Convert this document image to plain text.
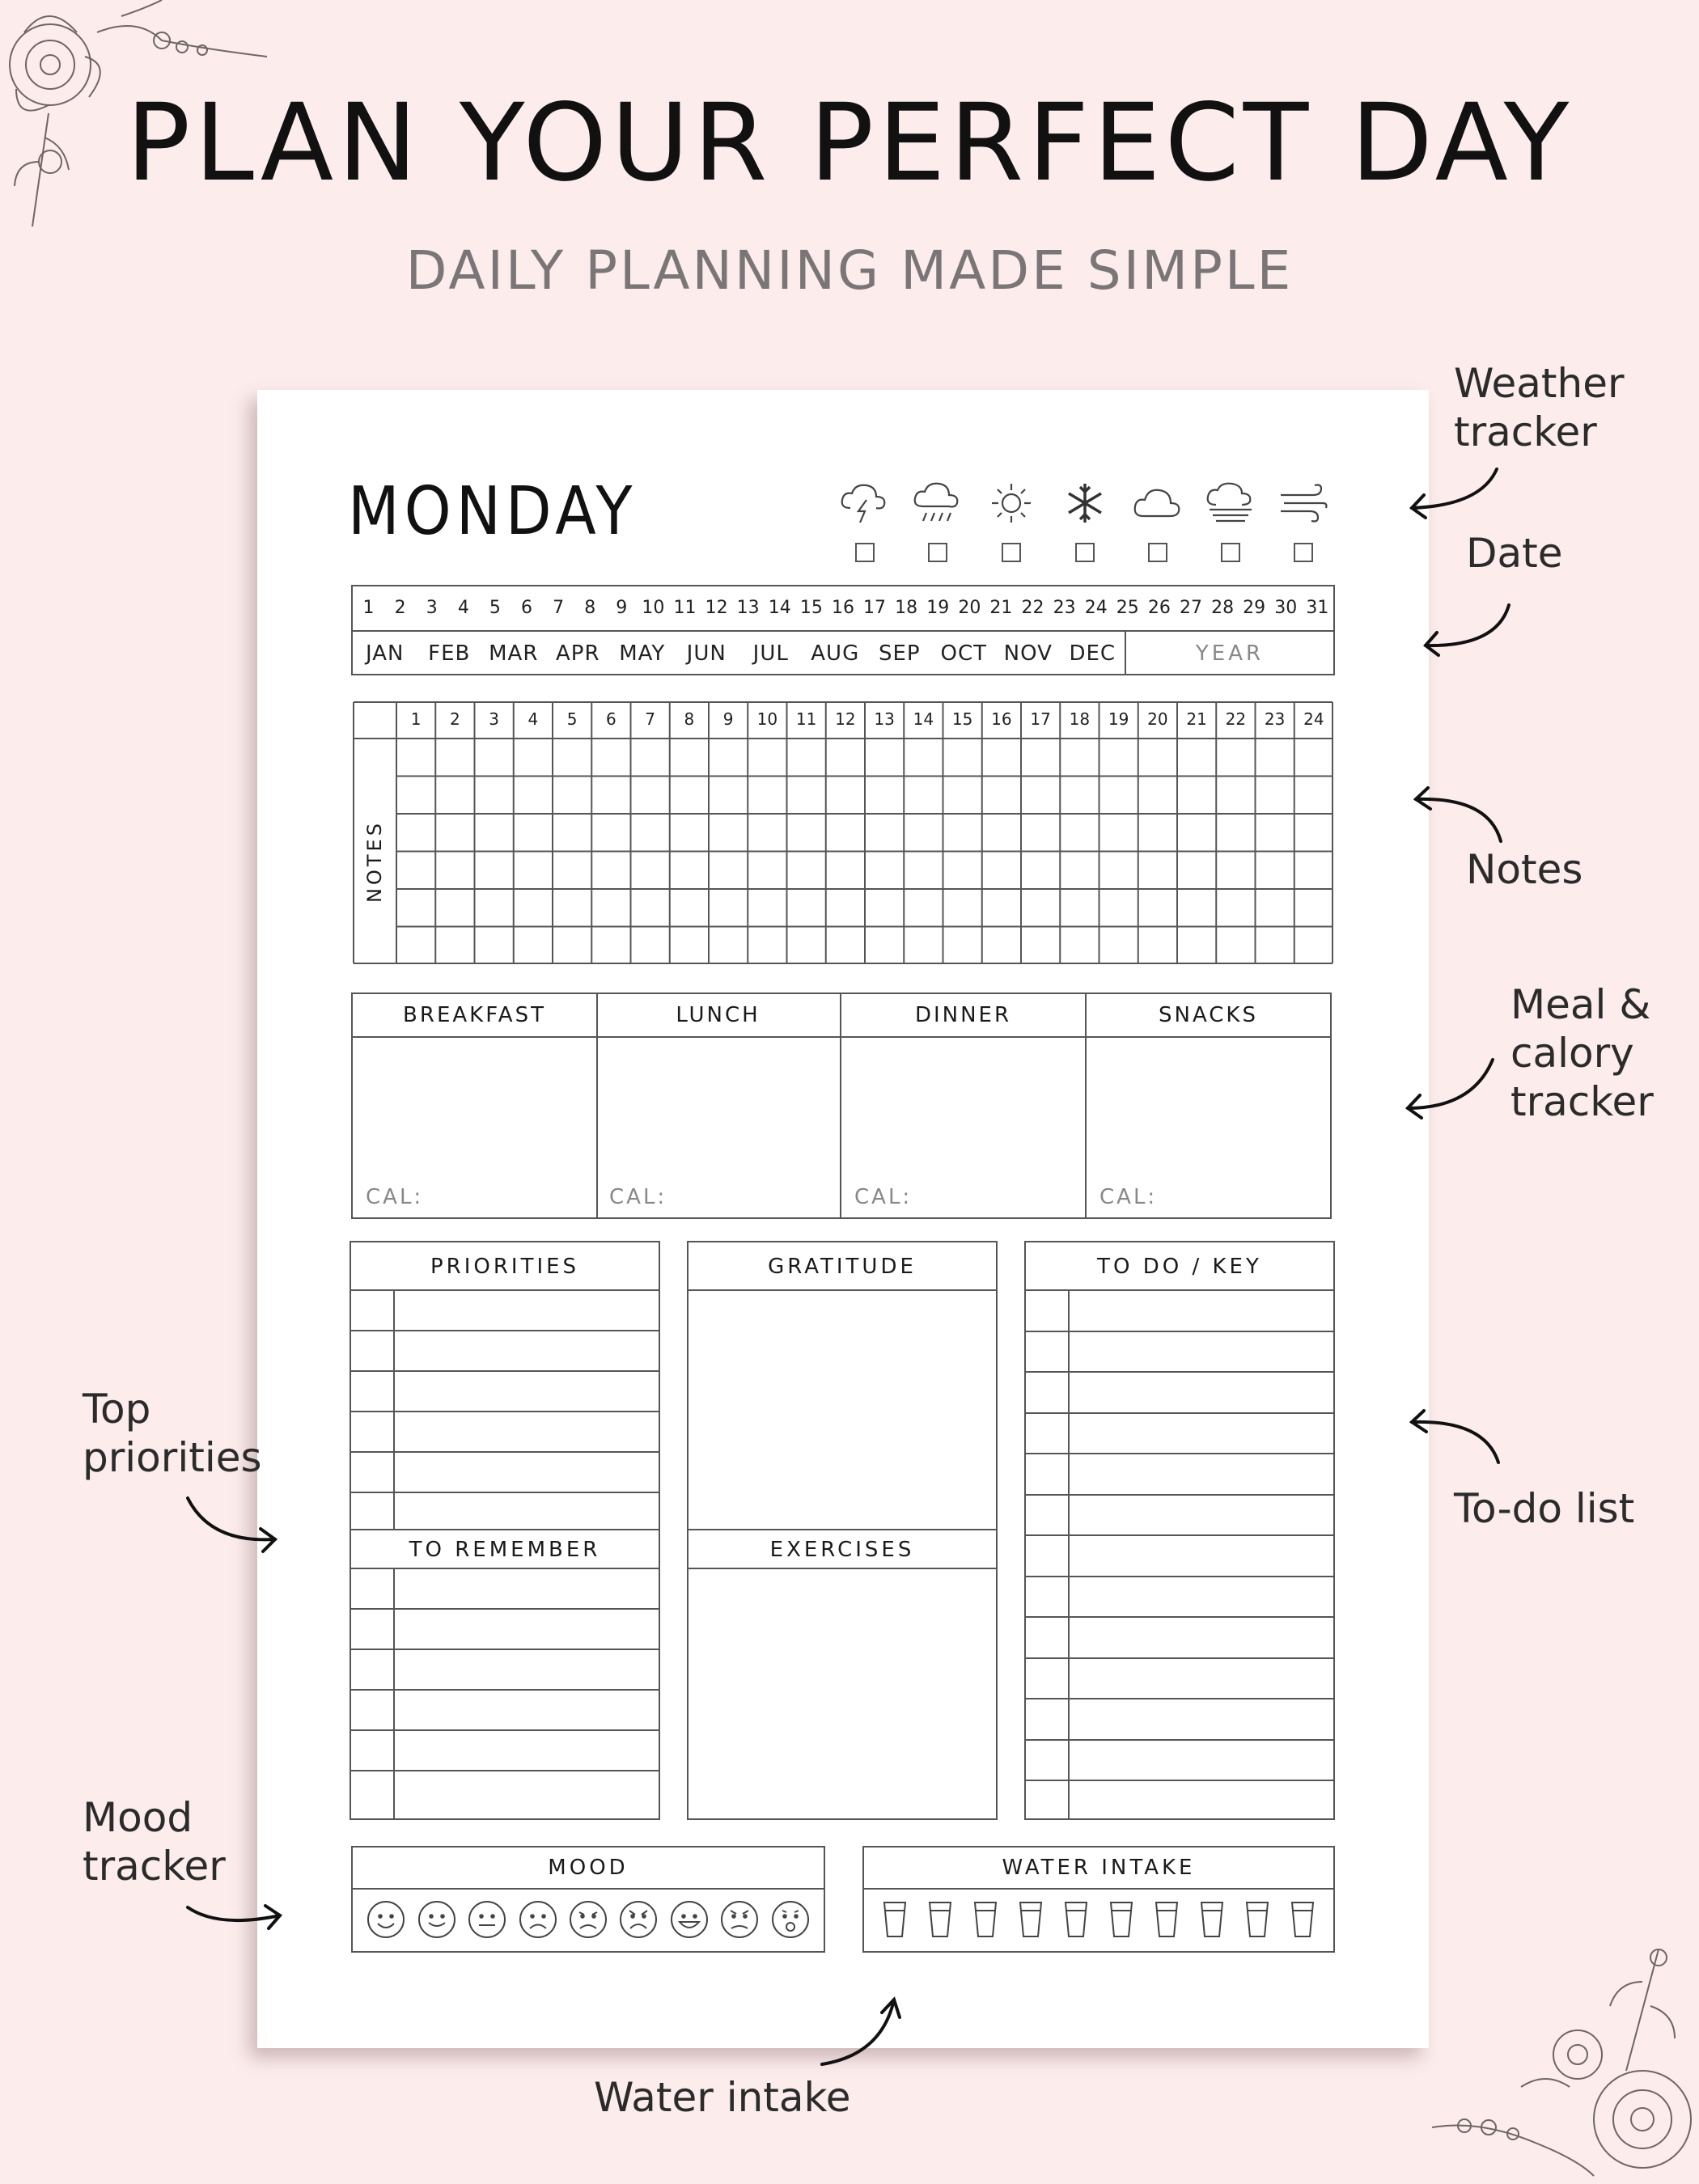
PLAN YOUR PERFECT DAY
DAILY PLANNING MADE SIMPLE
MONDAY
1	2	3	4	5	6	7	8	9 10 11 12 13 14 15 16 17 18 19 20 21 22 23 24 25 26 27 28 29 30 31
JAN	FEB MAR APR MAY	JUN	JUL	AUG SEP OCT NOV DEC	YEAR
NOTES
1	2	3	4	5	6	7	8	9	10	11	12	13	14	15	16	17	18	19	20	21	22	23	24
BREAKFAST
CAL:
LUNCH
CAL:
DINNER
CAL:
SNACKS
CAL:
PRIORITIES
TO REMEMBER
GRATITUDE
EXERCISES
TO DO / KEY
MOOD	WATER INTAKE
Weather
tracker
Date
Notes
Meal &
calory
tracker
Top
priorities
To-do list
Mood
tracker
Water intake
